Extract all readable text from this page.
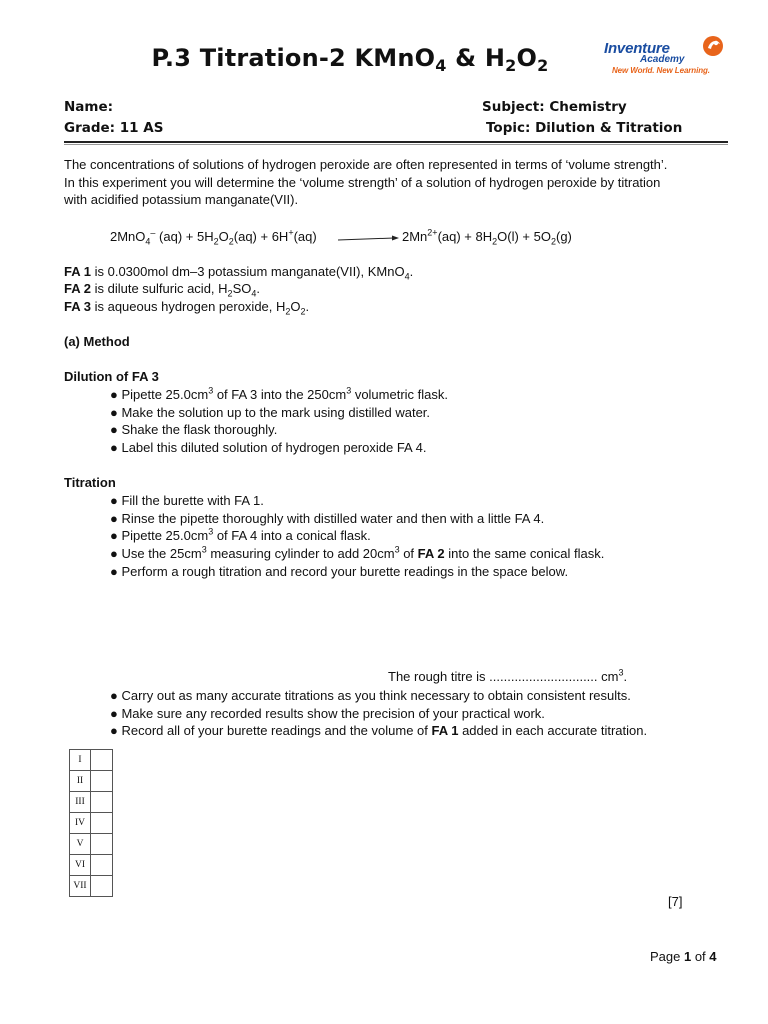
P.3 Titration-2 KMnO$_4$ & $H_2O_2$
Inventure
Academy
New World. New Learning.
Name:
Grade: 11 AS
Subject: Chemistry
Topic: Dilution & Titration
The concentrations of solutions of hydrogen peroxide are often represented in terms of ‘volume strength’.
In this experiment you will determine the ‘volume strength’ of a solution of hydrogen peroxide by titration
with acidified potassium manganate(VII).
2MnO$_4$– $(aq) + 5H_2O_2(aq) + 6H^+(aq)$	$2Mn^{2+}(aq) + 8H_2O(l) + 5O_2(g)$
FA 1 is 0.0300mol dm–3 potassium manganate(VII), KMnO$_4$.
FA 2 is dilute sulfuric acid, $H_2SO_4$.
FA 3 is aqueous hydrogen peroxide, $H_2O_2$.
(a) Method
Dilution of FA 3
● Pipette $25.0cm^3$ of FA 3 into the $250cm^3$ volumetric flask.
● Make the solution up to the mark using distilled water.
● Shake the flask thoroughly.
● Label this diluted solution of hydrogen peroxide FA 4.
Titration
● Fill the burette with FA 1.
● Rinse the pipette thoroughly with distilled water and then with a little FA 4.
● Pipette $25.0cm^3$ of FA 4 into a conical flask.
● Use the $25cm^3$ measuring cylinder to add $20cm^3$ of FA 2 into the same conical flask.
● Perform a rough titration and record your burette readings in the space below.
The rough titre is .............................. $cm^3$.
● Carry out as many accurate titrations as you think necessary to obtain consistent results.
● Make sure any recorded results show the precision of your practical work.
● Record all of your burette readings and the volume of FA 1 added in each accurate titration.
I	
II	
III	
IV	
V	
VI	
VII	
[7]
Page 1 of 4
